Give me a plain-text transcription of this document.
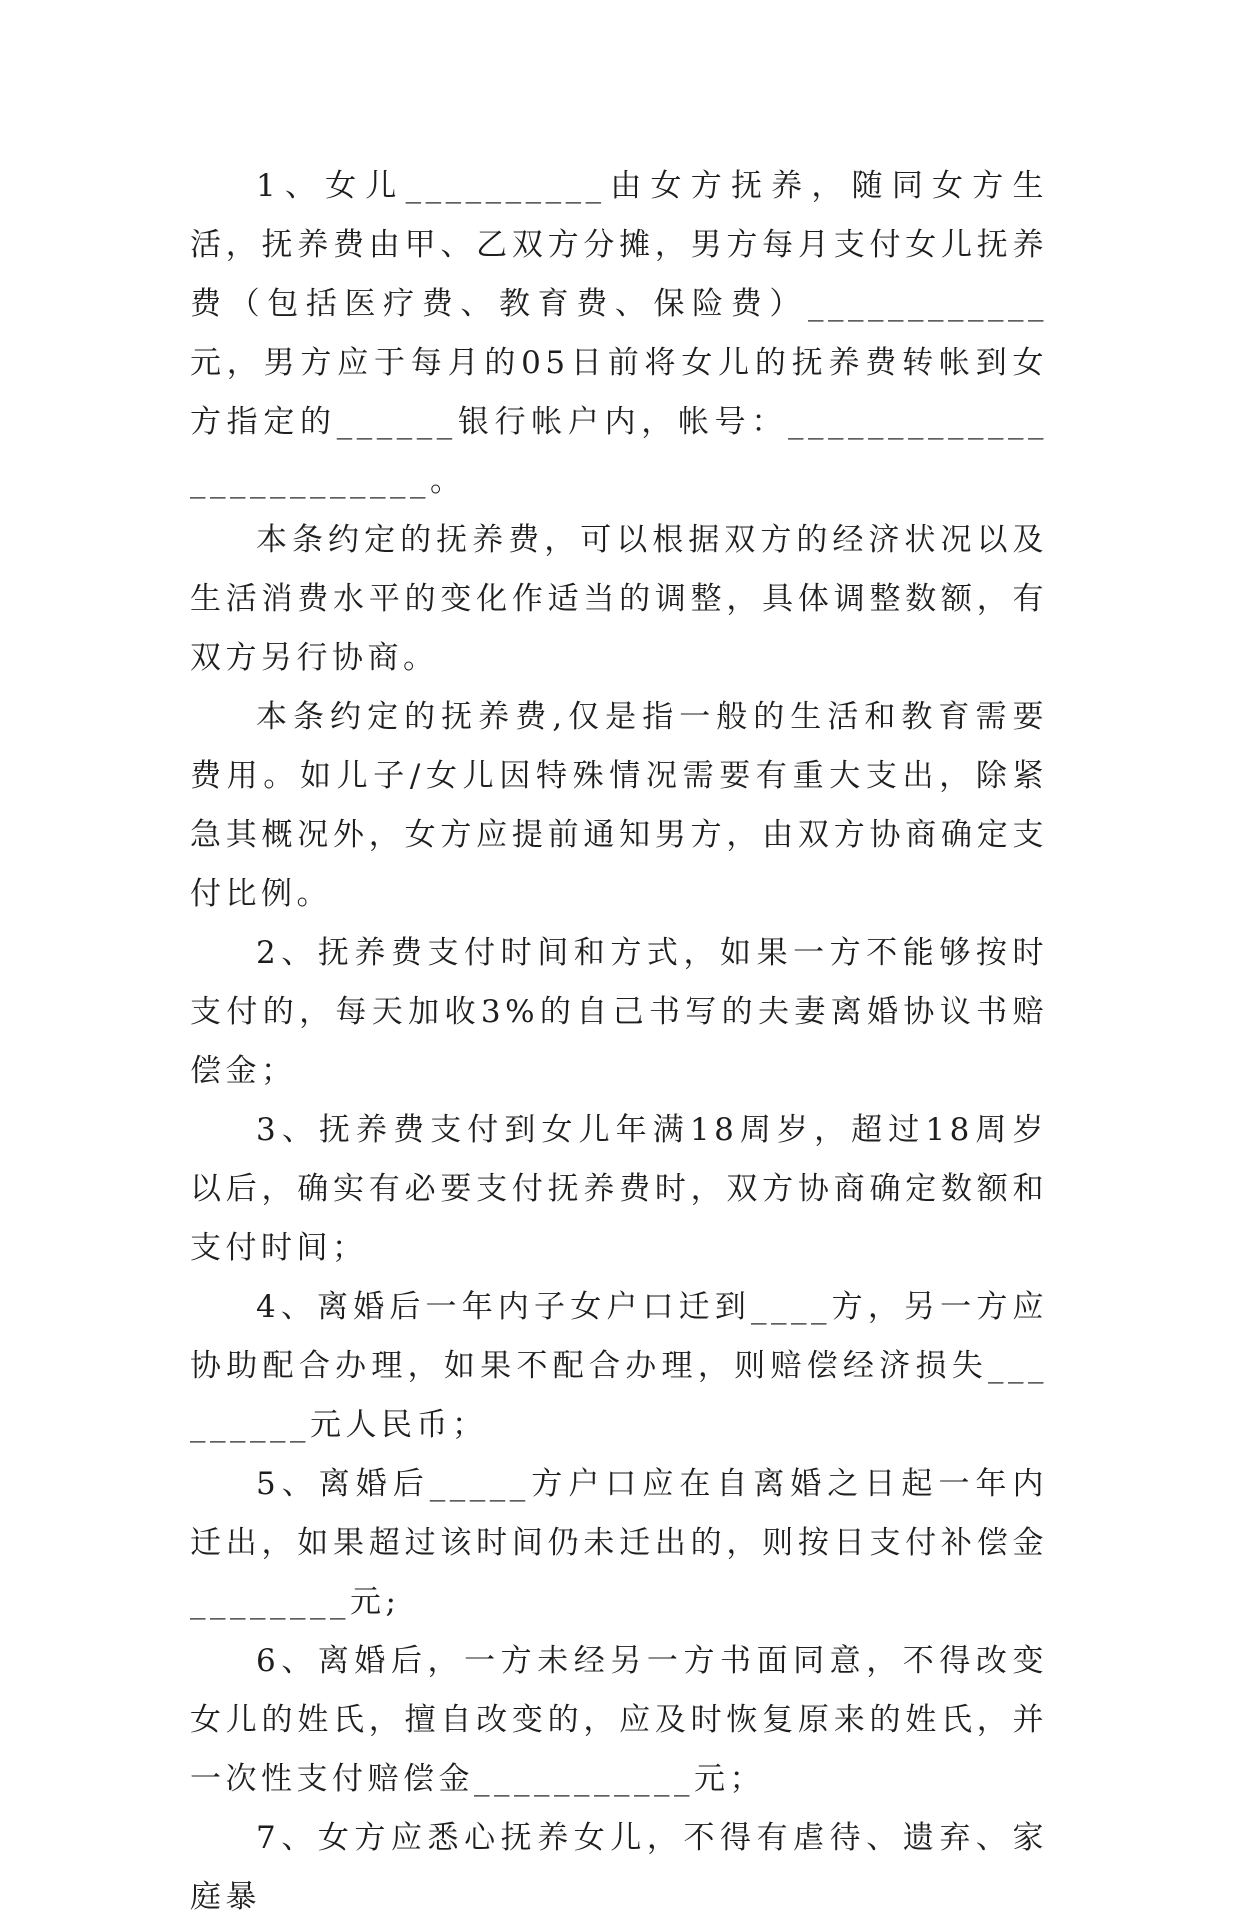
1、女儿__________由女方抚养，随同女方生活，抚养费由甲、乙双方分摊，男方每月支付女儿抚养费（包括医疗费、教育费、保险费）____________元，男方应于每月的05日前将女儿的抚养费转帐到女方指定的______银行帐户内，帐号：_________________________。

本条约定的抚养费，可以根据双方的经济状况以及生活消费水平的变化作适当的调整，具体调整数额，有双方另行协商。

本条约定的抚养费,仅是指一般的生活和教育需要费用。如儿子/女儿因特殊情况需要有重大支出，除紧急其概况外，女方应提前通知男方，由双方协商确定支付比例。

2、抚养费支付时间和方式，如果一方不能够按时支付的，每天加收3%的自己书写的夫妻离婚协议书赔偿金；

3、抚养费支付到女儿年满18周岁，超过18周岁以后，确实有必要支付抚养费时，双方协商确定数额和支付时间；

4、离婚后一年内子女户口迁到____方，另一方应协助配合办理，如果不配合办理，则赔偿经济损失_________元人民币；

5、离婚后_____方户口应在自离婚之日起一年内迁出，如果超过该时间仍未迁出的，则按日支付补偿金________元;

6、离婚后，一方未经另一方书面同意，不得改变女儿的姓氏，擅自改变的，应及时恢复原来的姓氏，并一次性支付赔偿金___________元；

7、女方应悉心抚养女儿，不得有虐待、遗弃、家庭暴
